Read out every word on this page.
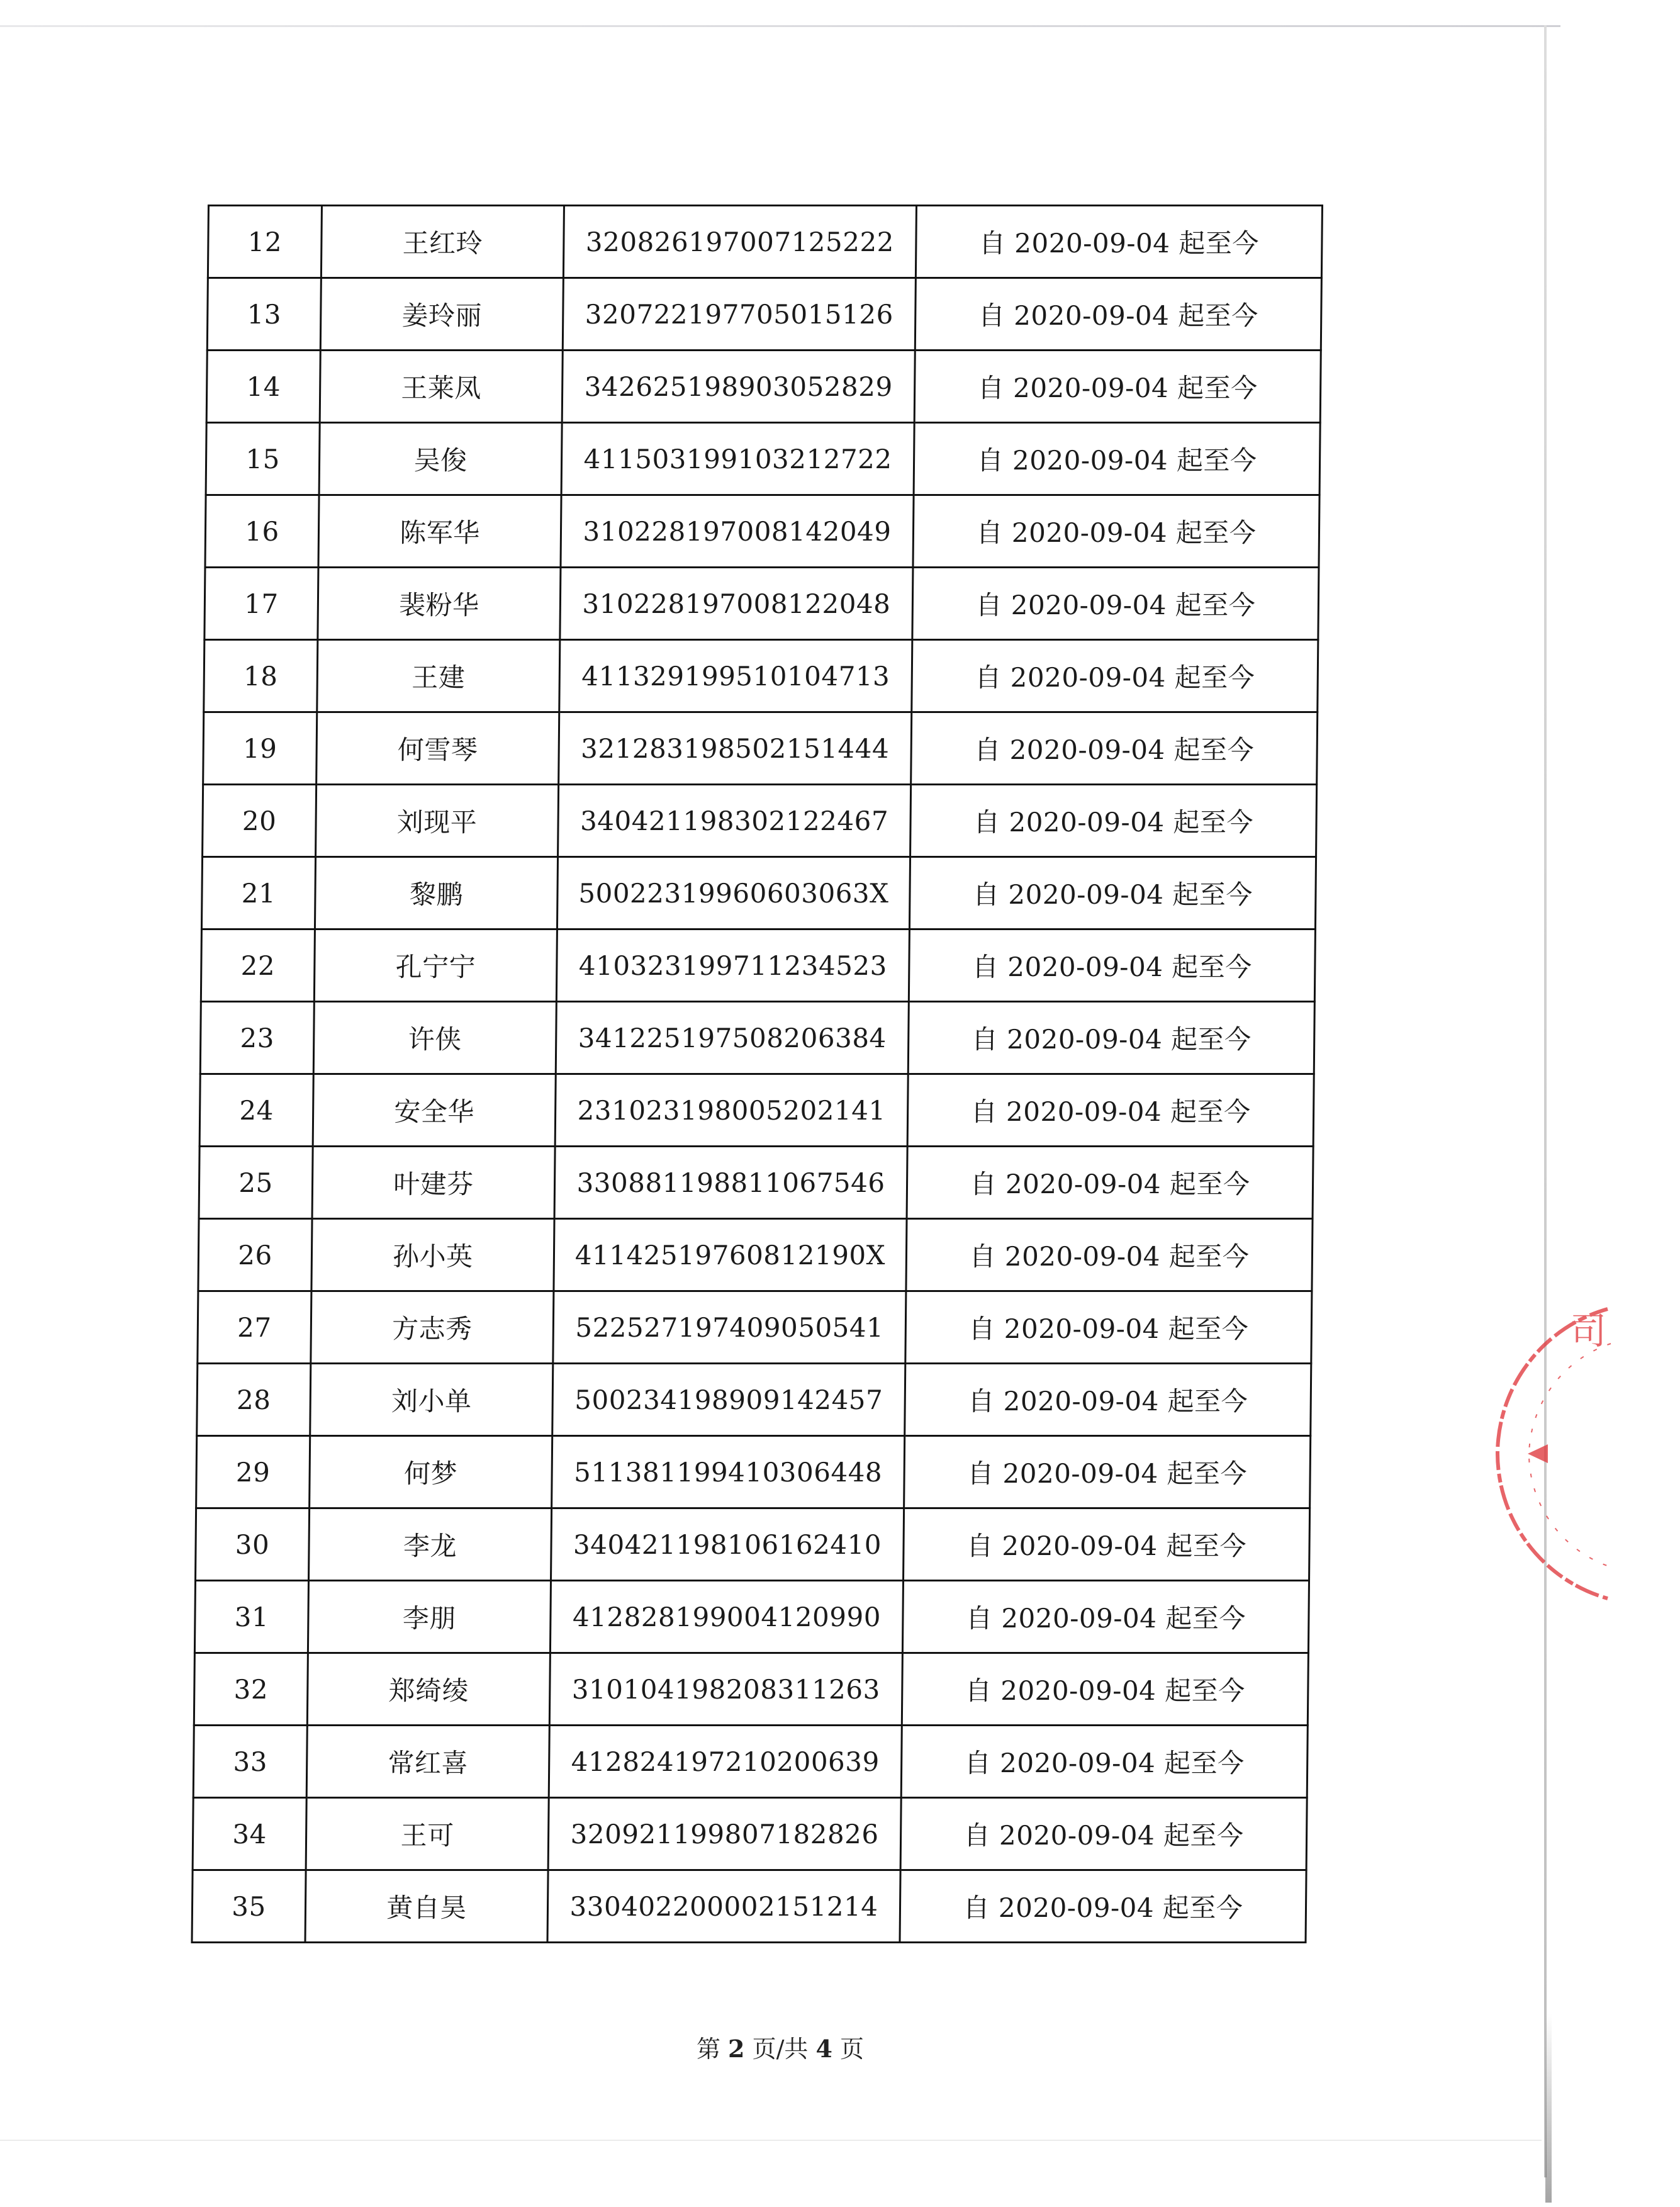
12	王红玲	320826197007125222	自 2020-09-04 起至今
13	姜玲丽	320722197705015126	自 2020-09-04 起至今
14	王莱凤	342625198903052829	自 2020-09-04 起至今
15	吴俊	411503199103212722	自 2020-09-04 起至今
16	陈军华	310228197008142049	自 2020-09-04 起至今
17	裴粉华	310228197008122048	自 2020-09-04 起至今
18	王建	411329199510104713	自 2020-09-04 起至今
19	何雪琴	321283198502151444	自 2020-09-04 起至今
20	刘现平	340421198302122467	自 2020-09-04 起至今
21	黎鹏	50022319960603063X	自 2020-09-04 起至今
22	孔宁宁	410323199711234523	自 2020-09-04 起至今
23	许侠	341225197508206384	自 2020-09-04 起至今
24	安全华	231023198005202141	自 2020-09-04 起至今
25	叶建芬	330881198811067546	自 2020-09-04 起至今
26	孙小英	41142519760812190X	自 2020-09-04 起至今
27	方志秀	522527197409050541	自 2020-09-04 起至今
28	刘小单	500234198909142457	自 2020-09-04 起至今
29	何梦	511381199410306448	自 2020-09-04 起至今
30	李龙	340421198106162410	自 2020-09-04 起至今
31	李朋	412828199004120990	自 2020-09-04 起至今
32	郑绮绫	310104198208311263	自 2020-09-04 起至今
33	常红喜	412824197210200639	自 2020-09-04 起至今
34	王可	320921199807182826	自 2020-09-04 起至今
35	黄自昊	330402200002151214	自 2020-09-04 起至今
第 2 页/共 4 页
司
